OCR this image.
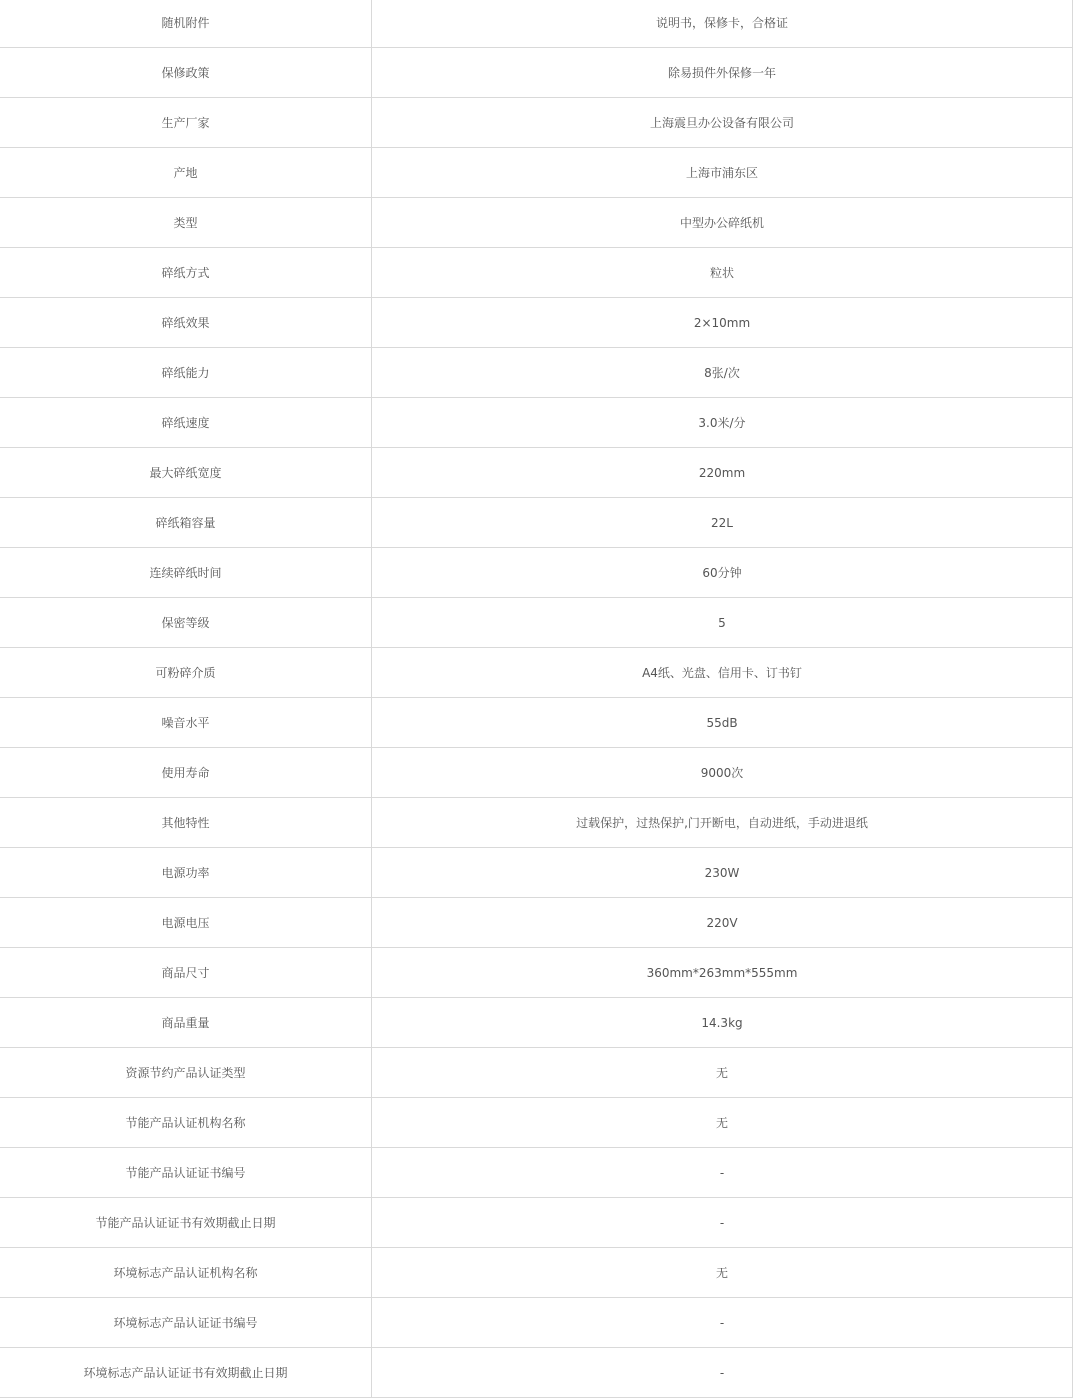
随机附件	说明书，保修卡，合格证
保修政策	除易损件外保修一年
生产厂家	上海震旦办公设备有限公司
产地	上海市浦东区
类型	中型办公碎纸机
碎纸方式	粒状
碎纸效果	2×10mm
碎纸能力	8张/次
碎纸速度	3.0米/分
最大碎纸宽度	220mm
碎纸箱容量	22L
连续碎纸时间	60分钟
保密等级	5
可粉碎介质	A4纸、光盘、信用卡、订书钉
噪音水平	55dB
使用寿命	9000次
其他特性	过载保护，过热保护,门开断电，自动进纸，手动进退纸
电源功率	230W
电源电压	220V
商品尺寸	360mm*263mm*555mm
商品重量	14.3kg
资源节约产品认证类型	无
节能产品认证机构名称	无
节能产品认证证书编号	-
节能产品认证证书有效期截止日期	-
环境标志产品认证机构名称	无
环境标志产品认证证书编号	-
环境标志产品认证证书有效期截止日期	-
